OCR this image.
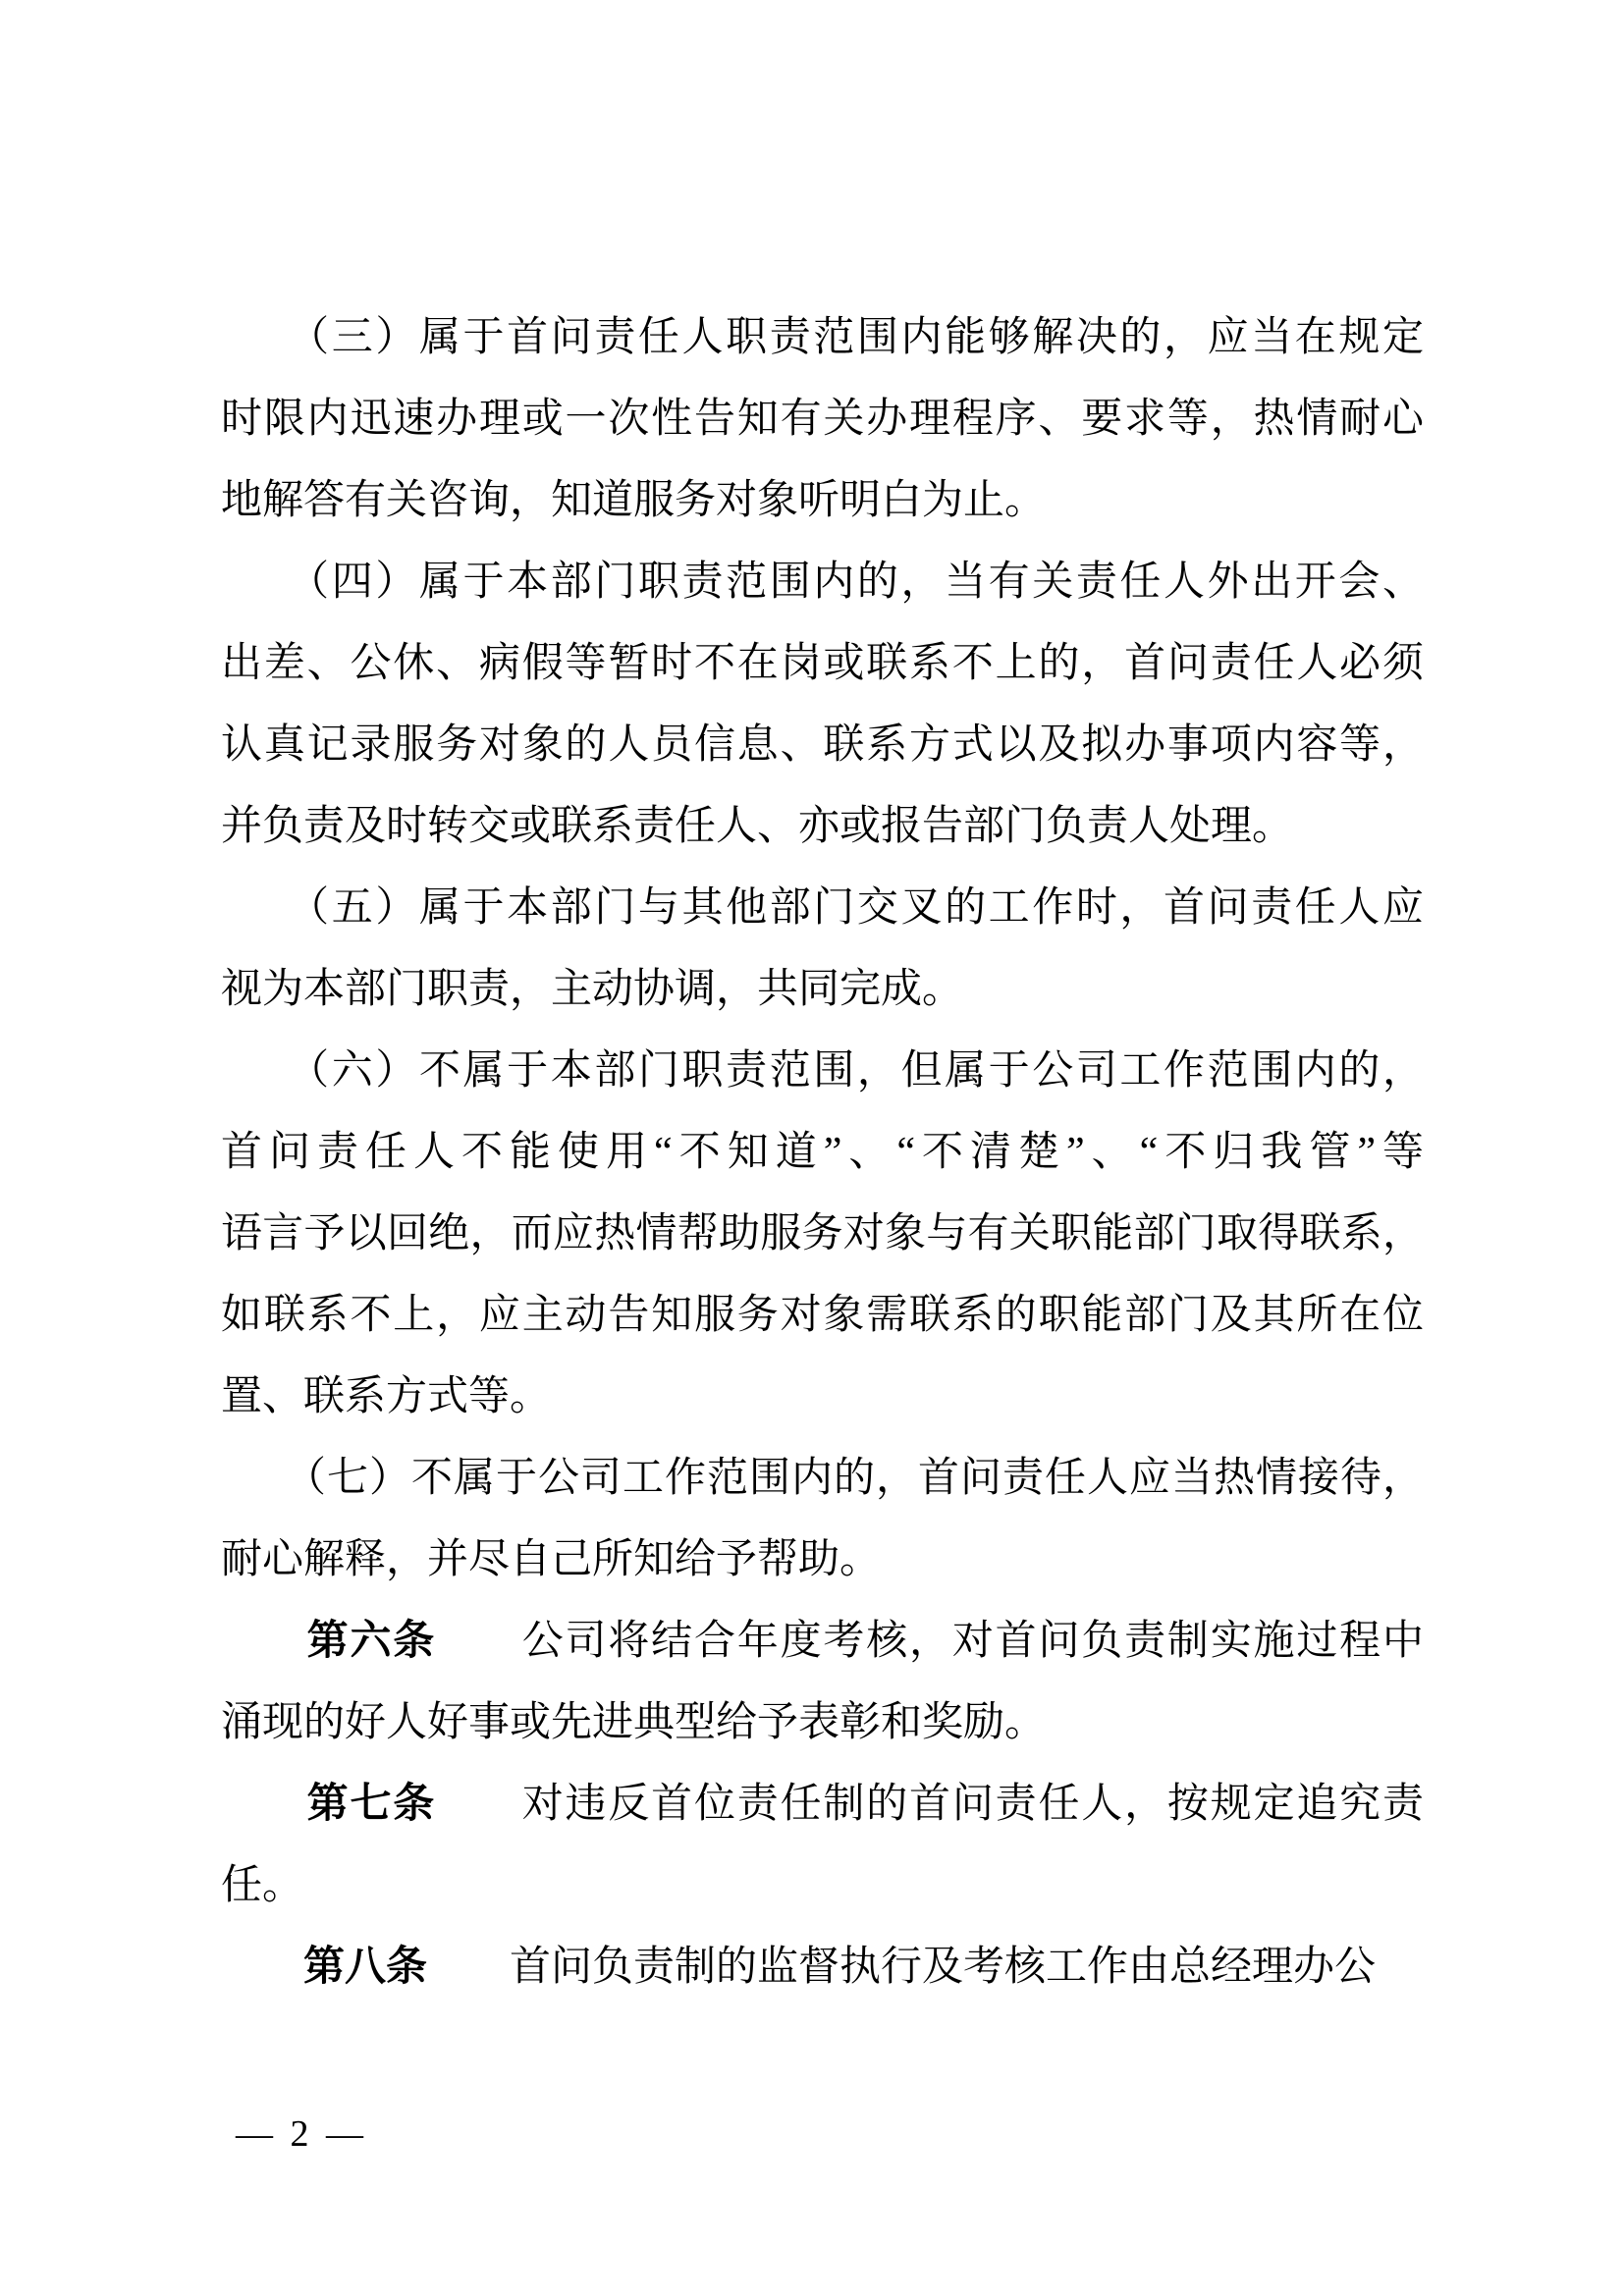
　　（三）属于首问责任人职责范围内能够解决的，应当在规定
时限内迅速办理或一次性告知有关办理程序、要求等，热情耐心
地解答有关咨询，知道服务对象听明白为止。
　　（四）属于本部门职责范围内的，当有关责任人外出开会、
出差、公休、病假等暂时不在岗或联系不上的，首问责任人必须
认真记录服务对象的人员信息、联系方式以及拟办事项内容等，
并负责及时转交或联系责任人、亦或报告部门负责人处理。
　　（五）属于本部门与其他部门交叉的工作时，首问责任人应
视为本部门职责，主动协调，共同完成。
　　（六）不属于本部门职责范围，但属于公司工作范围内的，
首问责任人不能使用“不知道”、“不清楚”、“不归我管”等
语言予以回绝，而应热情帮助服务对象与有关职能部门取得联系，
如联系不上，应主动告知服务对象需联系的职能部门及其所在位
置、联系方式等。
　　（七）不属于公司工作范围内的，首问责任人应当热情接待，
耐心解释，并尽自己所知给予帮助。
　　第六条　　公司将结合年度考核，对首问负责制实施过程中
涌现的好人好事或先进典型给予表彰和奖励。
　　第七条　　对违反首位责任制的首问责任人，按规定追究责
任。
　　第八条　　首问负责制的监督执行及考核工作由总经理办公
— 2 —
